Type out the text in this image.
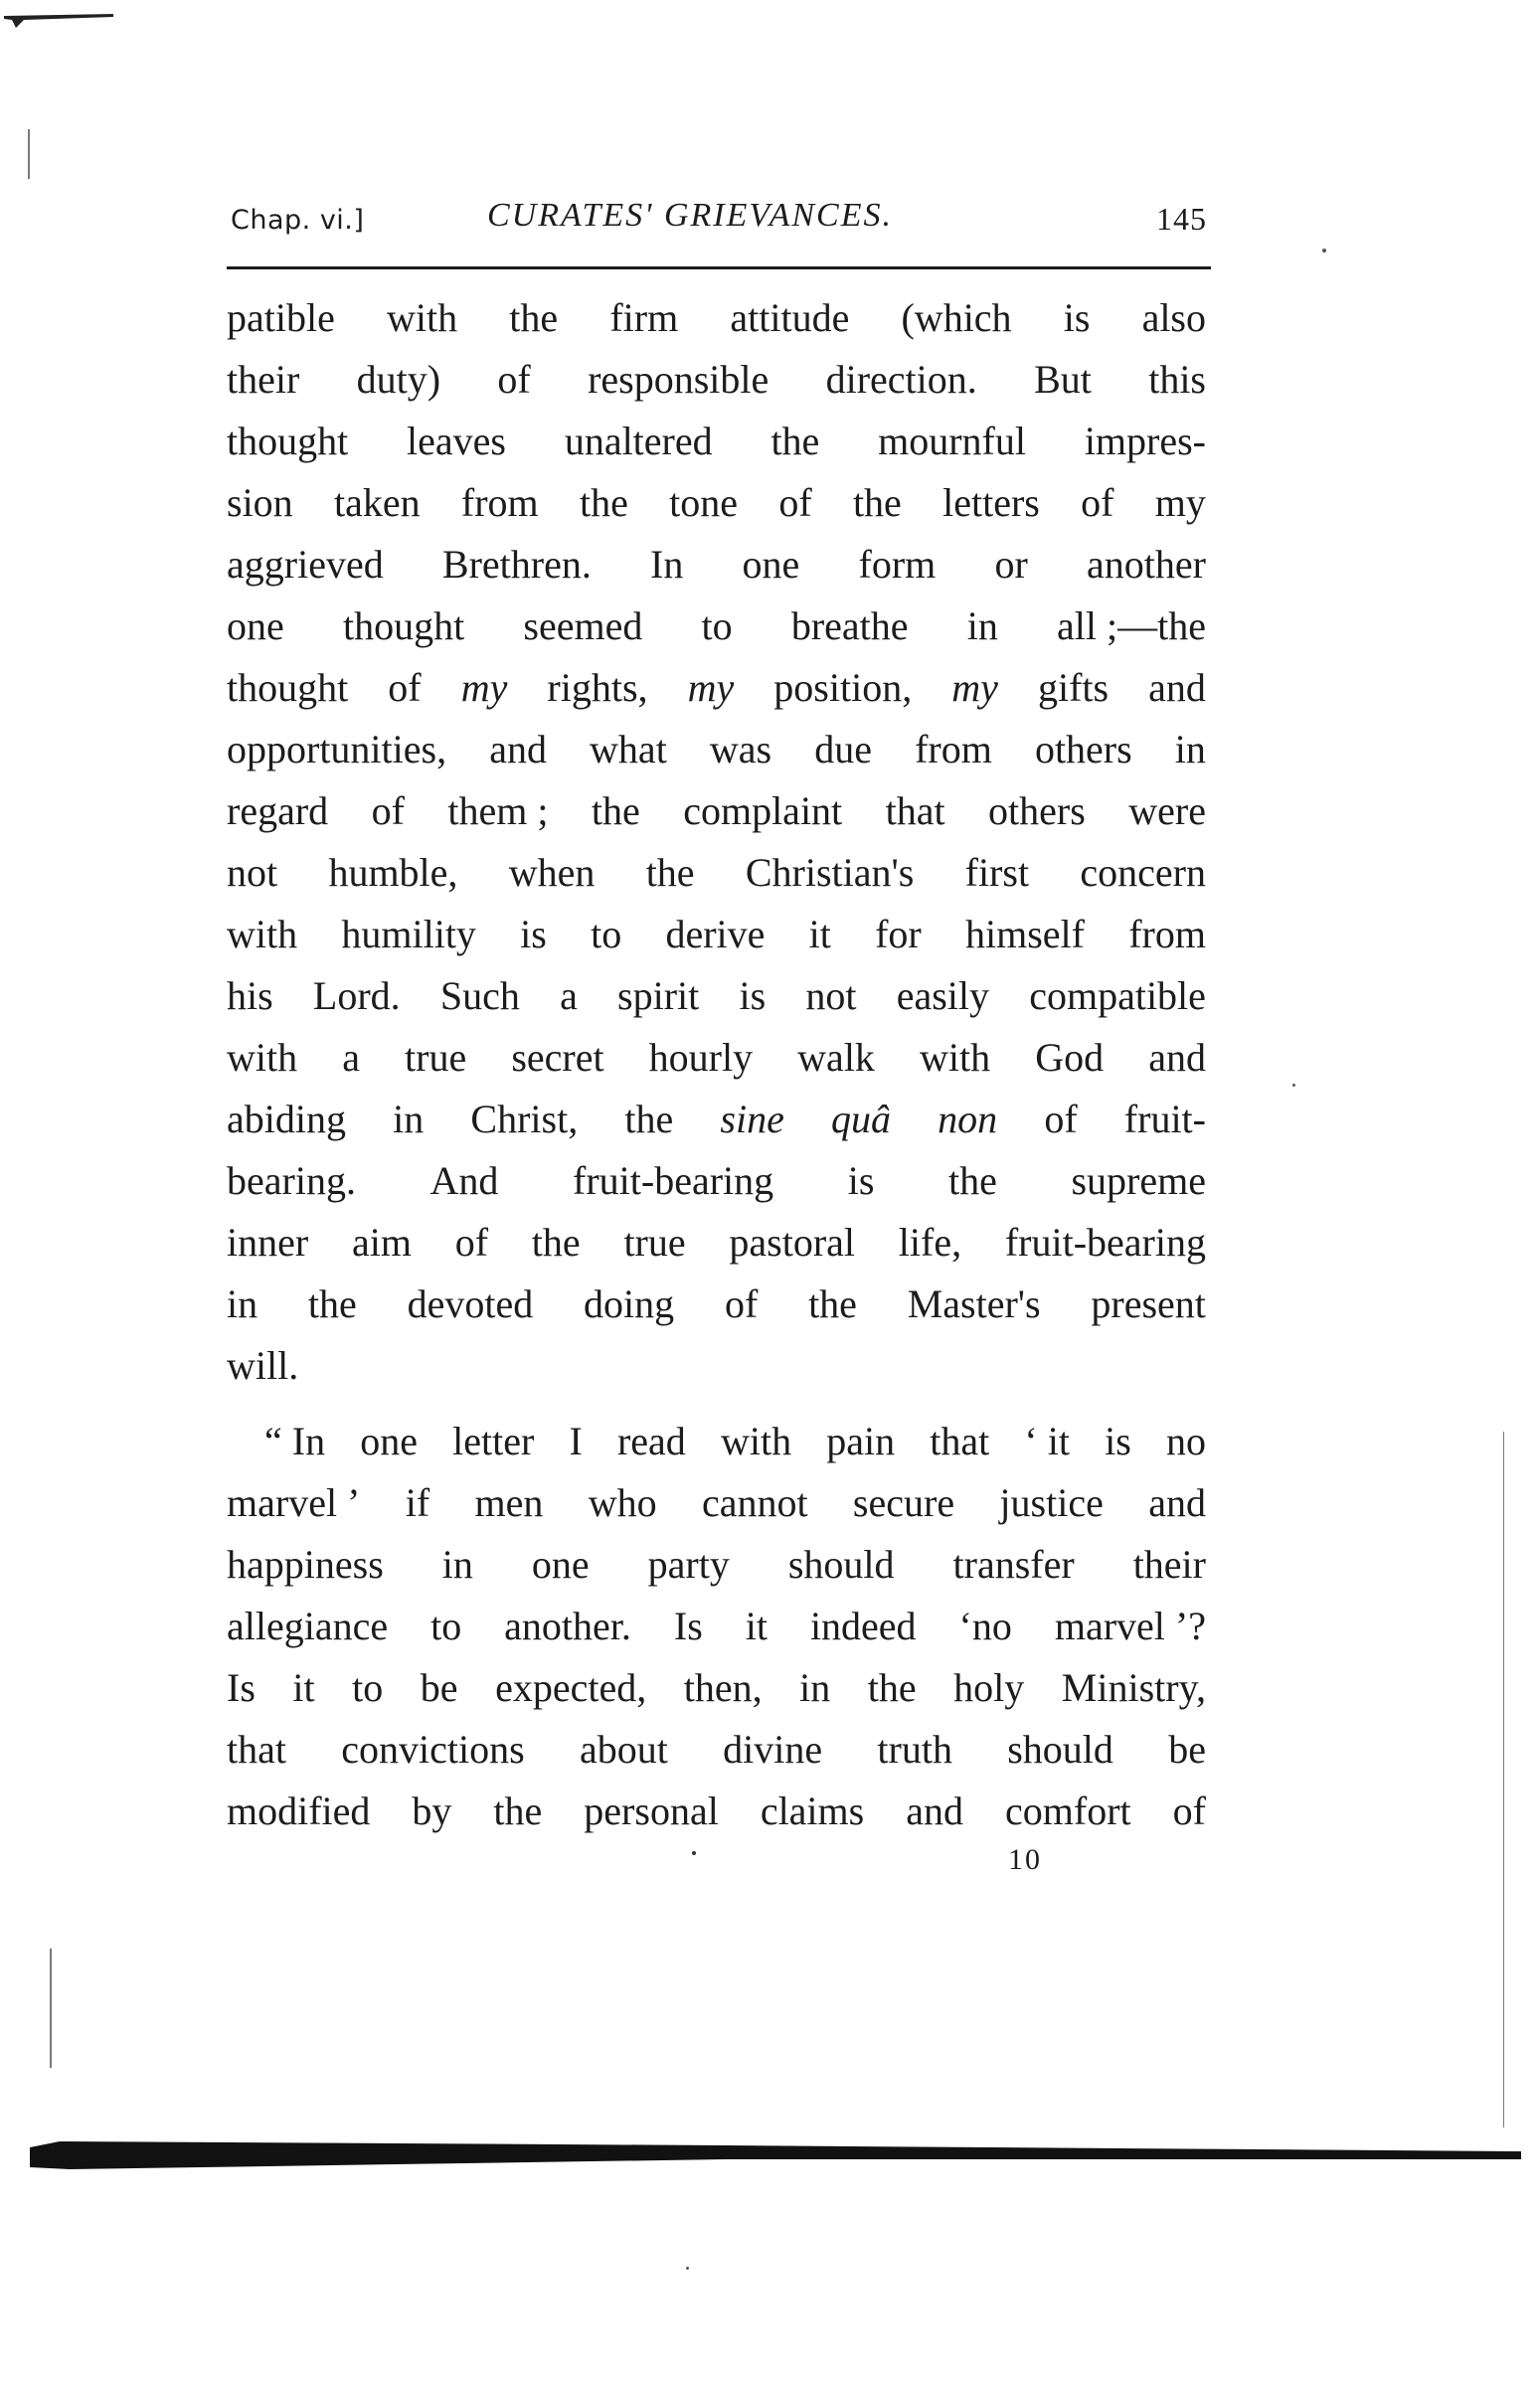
Chap. vi.]	CURATES' GRIEVANCES.	145
patible with the firm attitude (which is also
their duty) of responsible direction. But this
thought leaves unaltered the mournful impres-
sion taken from the tone of the letters of my
aggrieved Brethren. In one form or another
one thought seemed to breathe in all ;—the
thought of my rights, my position, my gifts and
opportunities, and what was due from others in
regard of them ; the complaint that others were
not humble, when the Christian's first concern
with humility is to derive it for himself from
his Lord. Such a spirit is not easily compatible
with a true secret hourly walk with God and
abiding in Christ, the sine quâ non of fruit-
bearing. And fruit-bearing is the supreme
inner aim of the true pastoral life, fruit-bearing
in the devoted doing of the Master's present
will.
“ In one letter I read with pain that ‘ it is no
marvel ’ if men who cannot secure justice and
happiness in one party should transfer their
allegiance to another. Is it indeed ‘no marvel ’?
Is it to be expected, then, in the holy Ministry,
that convictions about divine truth should be
modified by the personal claims and comfort of
10
